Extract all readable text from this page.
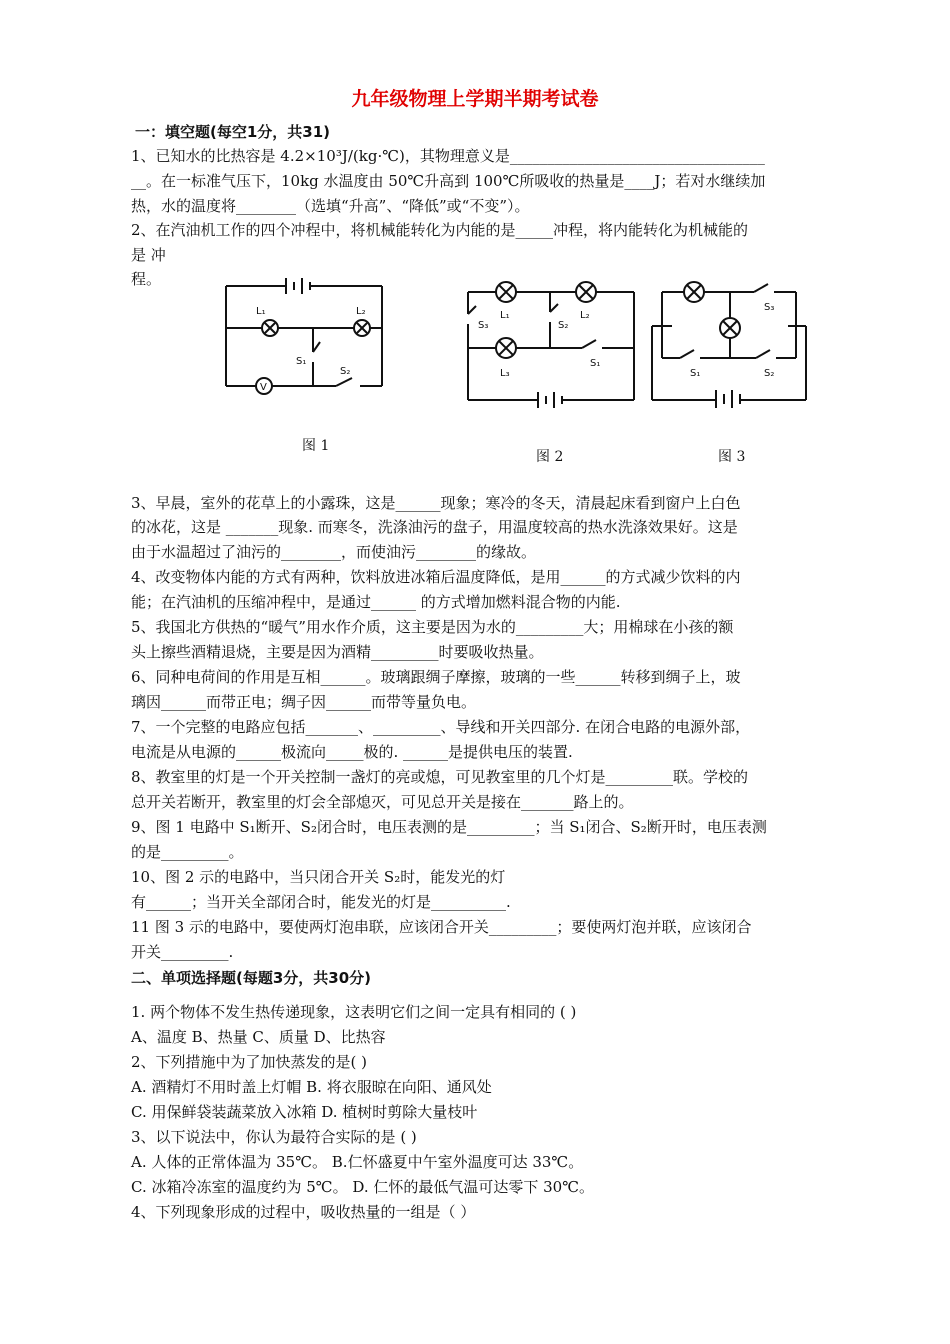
九年级物理上学期半期考试卷
一：填空题(每空1分，共31)
1、已知水的比热容是 4.2×10³J/(kg·℃)，其物理意义是__________________________________
__。在一标准气压下，10kg 水温度由 50℃升高到 100℃所吸收的热量是____J；若对水继续加
热，水的温度将________（选填“升高”、“降低”或“不变”）。
2、在汽油机工作的四个冲程中，将机械能转化为内能的是_____冲程，将内能转化为机械能的
是 冲
程。
L₁	L₂
S₁
S₂
V
图 1
L₁	L₂
L₃
S₃	S₂
S₁
图 2
S₃
S₁	S₂
图 3
3、早晨，室外的花草上的小露珠，这是______现象；寒冷的冬天，清晨起床看到窗户上白色
的冰花，这是 _______现象. 而寒冬，洗涤油污的盘子，用温度较高的热水洗涤效果好。这是
由于水温超过了油污的________，而使油污________的缘故。
4、改变物体内能的方式有两种，饮料放进冰箱后温度降低，是用______的方式减少饮料的内
能；在汽油机的压缩冲程中，是通过______ 的方式增加燃料混合物的内能.
5、我国北方供热的“暖气”用水作介质，这主要是因为水的_________大；用棉球在小孩的额
头上擦些酒精退烧，主要是因为酒精_________时要吸收热量。
6、同种电荷间的作用是互相______。玻璃跟绸子摩擦，玻璃的一些______转移到绸子上，玻
璃因______而带正电；绸子因______而带等量负电。
7、一个完整的电路应包括_______、_________、导线和开关四部分. 在闭合电路的电源外部，
电流是从电源的______极流向_____极的. ______是提供电压的装置.
8、教室里的灯是一个开关控制一盏灯的亮或熄，可见教室里的几个灯是_________联。学校的
总开关若断开，教室里的灯会全部熄灭，可见总开关是接在_______路上的。
9、图 1 电路中 S₁断开、S₂闭合时，电压表测的是_________；当 S₁闭合、S₂断开时，电压表测
的是_________。
10、图 2 示的电路中，当只闭合开关 S₂时，能发光的灯
有______；当开关全部闭合时，能发光的灯是__________.
11 图 3 示的电路中，要使两灯泡串联，应该闭合开关_________；要使两灯泡并联，应该闭合
开关_________.
二、单项选择题(每题3分，共30分)
1. 两个物体不发生热传递现象，这表明它们之间一定具有相同的 ( )
A、温度 B、热量 C、质量 D、比热容
2、下列措施中为了加快蒸发的是( )
A. 酒精灯不用时盖上灯帽 B. 将衣服晾在向阳、通风处
C. 用保鲜袋装蔬菜放入冰箱 D. 植树时剪除大量枝叶
3、以下说法中，你认为最符合实际的是 ( )
A. 人体的正常体温为 35℃。 B.仁怀盛夏中午室外温度可达 33℃。
C. 冰箱冷冻室的温度约为 5℃。 D. 仁怀的最低气温可达零下 30℃。
4、下列现象形成的过程中，吸收热量的一组是（ ）
